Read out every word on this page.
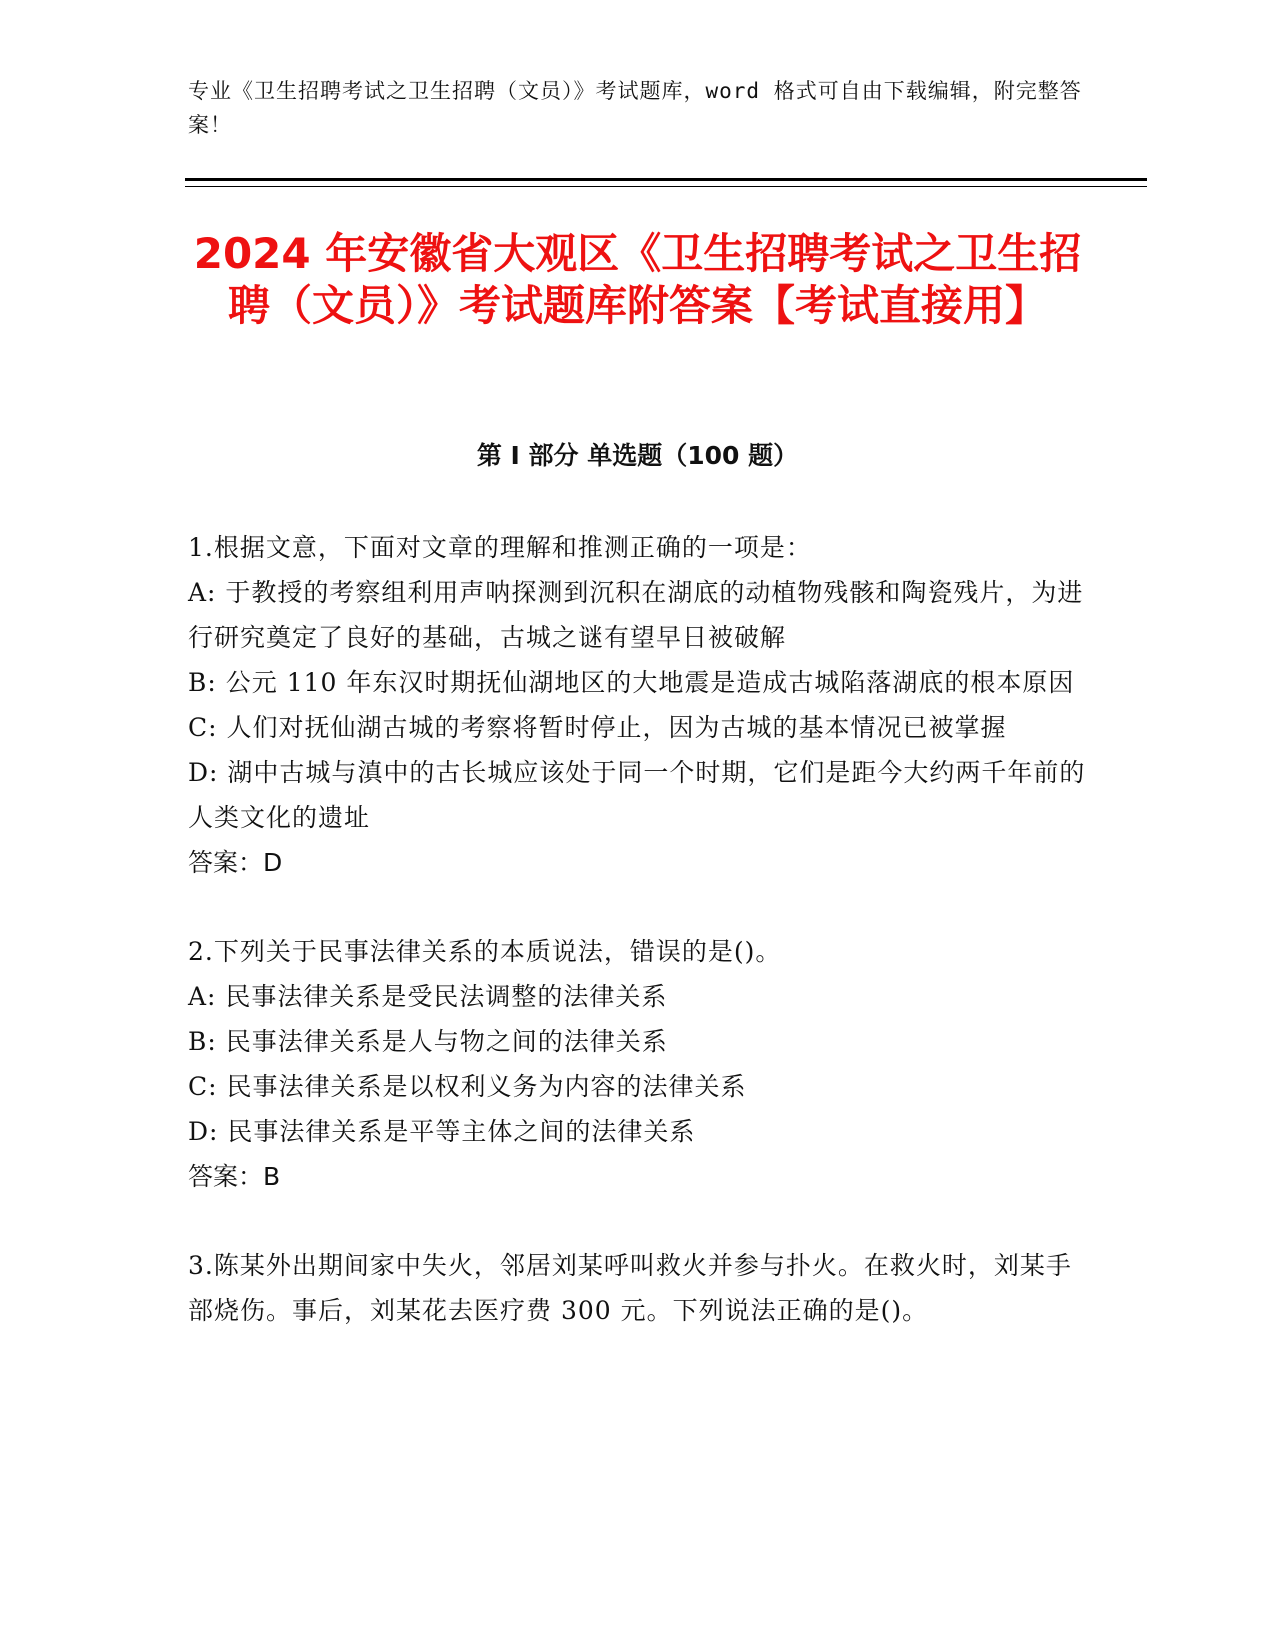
专业《卫生招聘考试之卫生招聘（文员）》考试题库，word 格式可自由下载编辑，附完整答案！
2024 年安徽省大观区《卫生招聘考试之卫生招聘（文员）》考试题库附答案【考试直接用】
第 I 部分 单选题（100 题）
1.根据文意，下面对文章的理解和推测正确的一项是：
A: 于教授的考察组利用声呐探测到沉积在湖底的动植物残骸和陶瓷残片，为进行研究奠定了良好的基础，古城之谜有望早日被破解
B: 公元 110 年东汉时期抚仙湖地区的大地震是造成古城陷落湖底的根本原因
C: 人们对抚仙湖古城的考察将暂时停止，因为古城的基本情况已被掌握
D: 湖中古城与滇中的古长城应该处于同一个时期，它们是距今大约两千年前的人类文化的遗址
答案：D
2.下列关于民事法律关系的本质说法，错误的是()。
A: 民事法律关系是受民法调整的法律关系
B: 民事法律关系是人与物之间的法律关系
C: 民事法律关系是以权利义务为内容的法律关系
D: 民事法律关系是平等主体之间的法律关系
答案：B
3.陈某外出期间家中失火，邻居刘某呼叫救火并参与扑火。在救火时，刘某手部烧伤。事后，刘某花去医疗费 300 元。下列说法正确的是()。
